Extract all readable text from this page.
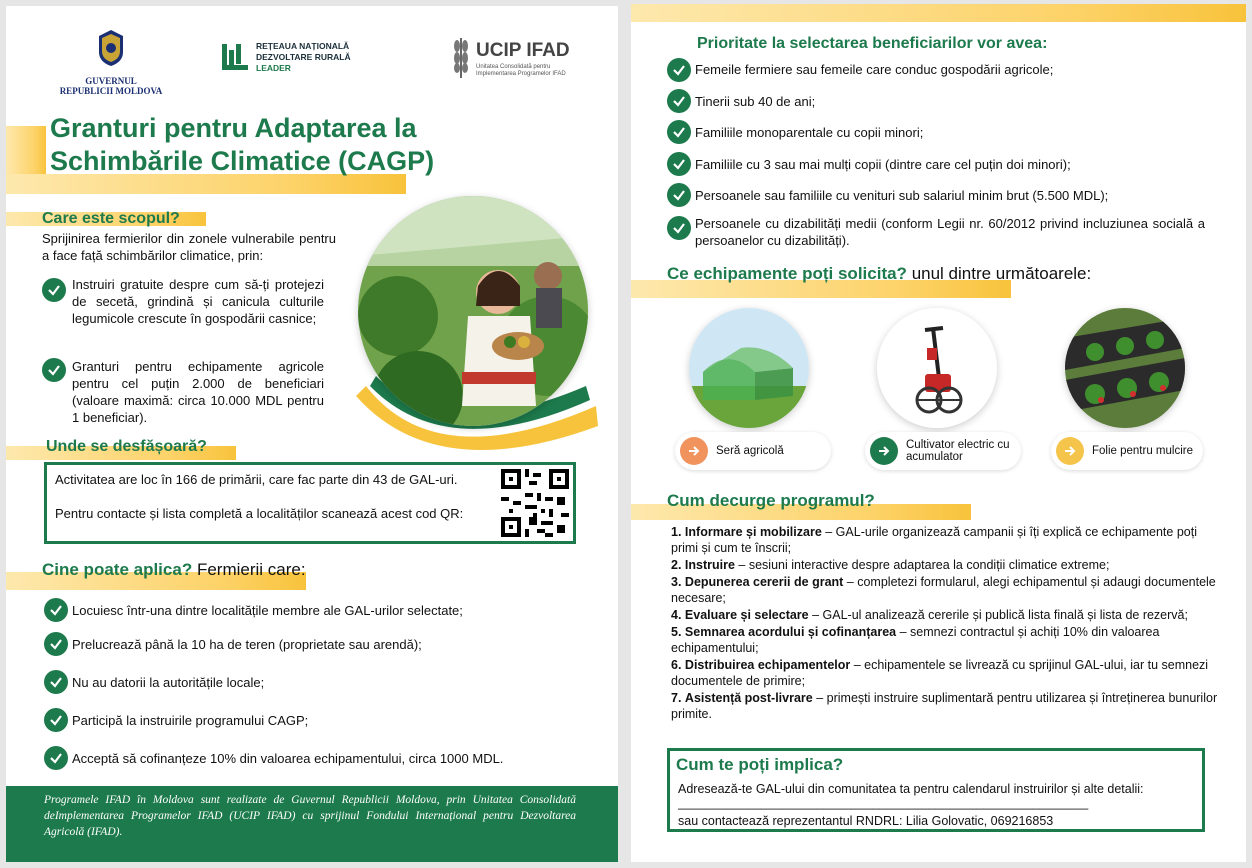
GUVERNUL
REPUBLICII MOLDOVA
REȚEAUA NAȚIONALĂ
DEZVOLTARE RURALĂ
LEADER
UCIP IFAD
Unitatea Consolidată pentru
Implementarea Programelor IFAD
Granturi pentru Adaptarea la
Schimbările Climatice (CAGP)
Care este scopul?
Sprijinirea fermierilor din zonele vulnerabile pentru a face față schimbărilor climatice, prin:
Instruiri gratuite despre cum să-ți protejezi de secetă, grindină și canicula culturile legumicole crescute în gospodării casnice;
Granturi pentru echipamente agricole pentru cel puțin 2.000 de beneficiari (valoare maximă: circa 10.000 MDL pentru 1 beneficiar).
Unde se desfășoară?
Activitatea are loc în 166 de primării, care fac parte din 43 de GAL-uri.
Pentru contacte și lista completă a localităților scanează acest cod QR:
Cine poate aplica? Fermierii care:
Locuiesc într-una dintre localitățile membre ale GAL-urilor selectate;
Prelucrează până la 10 ha de teren (proprietate sau arendă);
Nu au datorii la autoritățile locale;
Participă la instruirile programului CAGP;
Acceptă să cofinanțeze 10% din valoarea echipamentului, circa 1000 MDL.
Programele IFAD în Moldova sunt realizate de Guvernul Republicii Moldova, prin Unitatea Consolidată deImplementarea Programelor IFAD (UCIP IFAD) cu sprijinul Fondului Internațional pentru Dezvoltarea Agricolă (IFAD).
Prioritate la selectarea beneficiarilor vor avea:
Femeile fermiere sau femeile care conduc gospodării agricole;
Tinerii sub 40 de ani;
Familiile monoparentale cu copii minori;
Familiile cu 3 sau mai mulți copii (dintre care cel puțin doi minori);
Persoanele sau familiile cu venituri sub salariul minim brut (5.500 MDL);
Persoanele cu dizabilități medii (conform Legii nr. 60/2012 privind incluziunea socială a persoanelor cu dizabilități).
Ce echipamente poți solicita? unul dintre următoarele:
Seră agricolă	Cultivator electric cu acumulator	Folie pentru mulcire
Cum decurge programul?
1. Informare și mobilizare – GAL-urile organizează campanii și îți explică ce echipamente poți primi și cum te înscrii;
2. Instruire – sesiuni interactive despre adaptarea la condiții climatice extreme;
3. Depunerea cererii de grant – completezi formularul, alegi echipamentul și adaugi documentele necesare;
4. Evaluare și selectare – GAL-ul analizează cererile și publică lista finală și lista de rezervă;
5. Semnarea acordului și cofinanțarea – semnezi contractul și achiți 10% din valoarea echipamentului;
6. Distribuirea echipamentelor – echipamentele se livrează cu sprijinul GAL-ului, iar tu semnezi documentele de primire;
7. Asistență post-livrare – primești instruire suplimentară pentru utilizarea și întreținerea bunurilor primite.
Cum te poți implica?
Adresează-te GAL-ului din comunitatea ta pentru calendarul instruirilor și alte detalii:
___________________________________________________________
sau contactează reprezentantul RNDRL: Lilia Golovatic, 069216853
